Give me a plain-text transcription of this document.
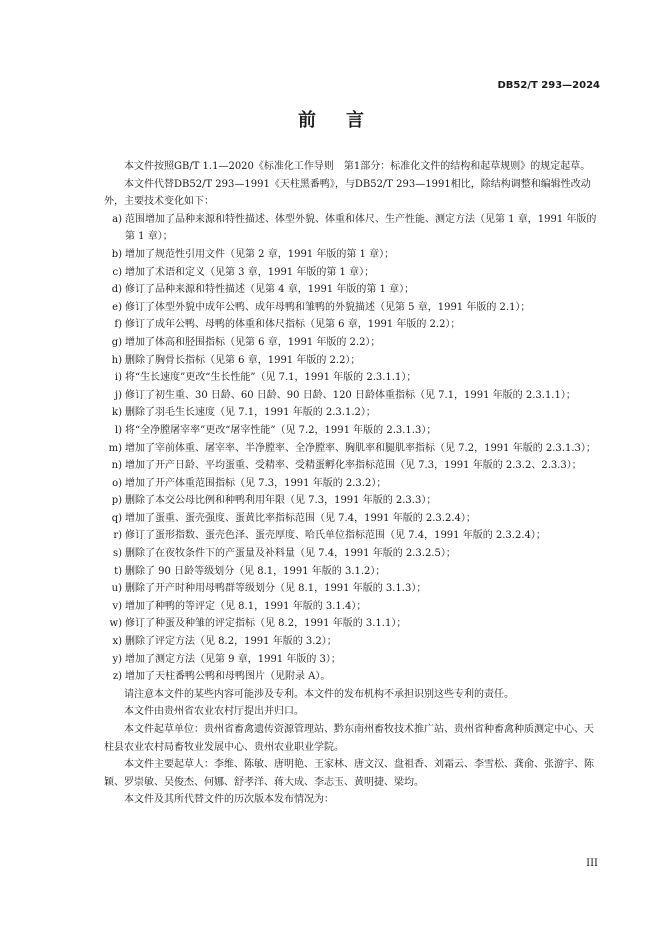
DB52/T 293—2024
前言

本文件按照GB/T 1.1—2020《标准化工作导则　第1部分：标准化文件的结构和起草规则》的规定起草。

本文件代替DB52/T 293—1991《天柱黑番鸭》，与DB52/T 293—1991相比，除结构调整和编辑性改动外，主要技术变化如下：

a) 范围增加了品种来源和特性描述、体型外貌、体重和体尺、生产性能、测定方法（见第 1 章，1991 年版的第 1 章）；
b) 增加了规范性引用文件（见第 2 章，1991 年版的第 1 章）；
c) 增加了术语和定义（见第 3 章，1991 年版的第 1 章）；
d) 修订了品种来源和特性描述（见第 4 章，1991 年版的第 1 章）；
e) 修订了体型外貌中成年公鸭、成年母鸭和雏鸭的外貌描述（见第 5 章，1991 年版的 2.1）；
f) 修订了成年公鸭、母鸭的体重和体尺指标（见第 6 章，1991 年版的 2.2）；
g) 增加了体高和胫围指标（见第 6 章，1991 年版的 2.2）；
h) 删除了胸骨长指标（见第 6 章，1991 年版的 2.2）；
i) 将“生长速度”更改“生长性能”（见 7.1，1991 年版的 2.3.1.1）；
j) 修订了初生重、30 日龄、60 日龄、90 日龄、120 日龄体重指标（见 7.1，1991 年版的 2.3.1.1）；
k) 删除了羽毛生长速度（见 7.1，1991 年版的 2.3.1.2）；
l) 将“全净膛屠宰率”更改“屠宰性能”（见 7.2，1991 年版的 2.3.1.3）；
m) 增加了宰前体重、屠宰率、半净膛率、全净膛率、胸肌率和腿肌率指标（见 7.2，1991 年版的 2.3.1.3）；
n) 增加了开产日龄、平均蛋重、受精率、受精蛋孵化率指标范围（见 7.3，1991 年版的 2.3.2、2.3.3）；
o) 增加了开产体重范围指标（见 7.3，1991 年版的 2.3.2）；
p) 删除了本交公母比例和种鸭利用年限（见 7.3，1991 年版的 2.3.3）；
q) 增加了蛋重、蛋壳强度、蛋黄比率指标范围（见 7.4，1991 年版的 2.3.2.4）；
r) 修订了蛋形指数、蛋壳色泽、蛋壳厚度、哈氏单位指标范围（见 7.4，1991 年版的 2.3.2.4）；
s) 删除了在夜牧条件下的产蛋量及补料量（见 7.4，1991 年版的 2.3.2.5）；
t) 删除了 90 日龄等级划分（见 8.1，1991 年版的 3.1.2）；
u) 删除了开产时种用母鸭群等级划分（见 8.1，1991 年版的 3.1.3）；
v) 增加了种鸭的等评定（见 8.1，1991 年版的 3.1.4）；
w) 修订了种蛋及种雏的评定指标（见 8.2，1991 年版的 3.1.1）；
x) 删除了评定方法（见 8.2，1991 年版的 3.2）；
y) 增加了测定方法（见第 9 章，1991 年版的 3）；
z) 增加了天柱番鸭公鸭和母鸭图片（见附录 A）。

请注意本文件的某些内容可能涉及专利。本文件的发布机构不承担识别这些专利的责任。

本文件由贵州省农业农村厅提出并归口。

本文件起草单位：贵州省畜禽遗传资源管理站、黔东南州畜牧技术推广站、贵州省种畜禽种质测定中心、天柱县农业农村局畜牧业发展中心、贵州农业职业学院。

本文件主要起草人：李维、陈敏、唐明艳、王家林、唐文汉、盘祖香、刘霜云、李雪松、龚俞、张游宇、陈颖、罗崇敏、吴俊杰、何娜、舒孝洋、蒋大成、李志玉、黄明捷、梁均。

本文件及其所代替文件的历次版本发布情况为：

III
